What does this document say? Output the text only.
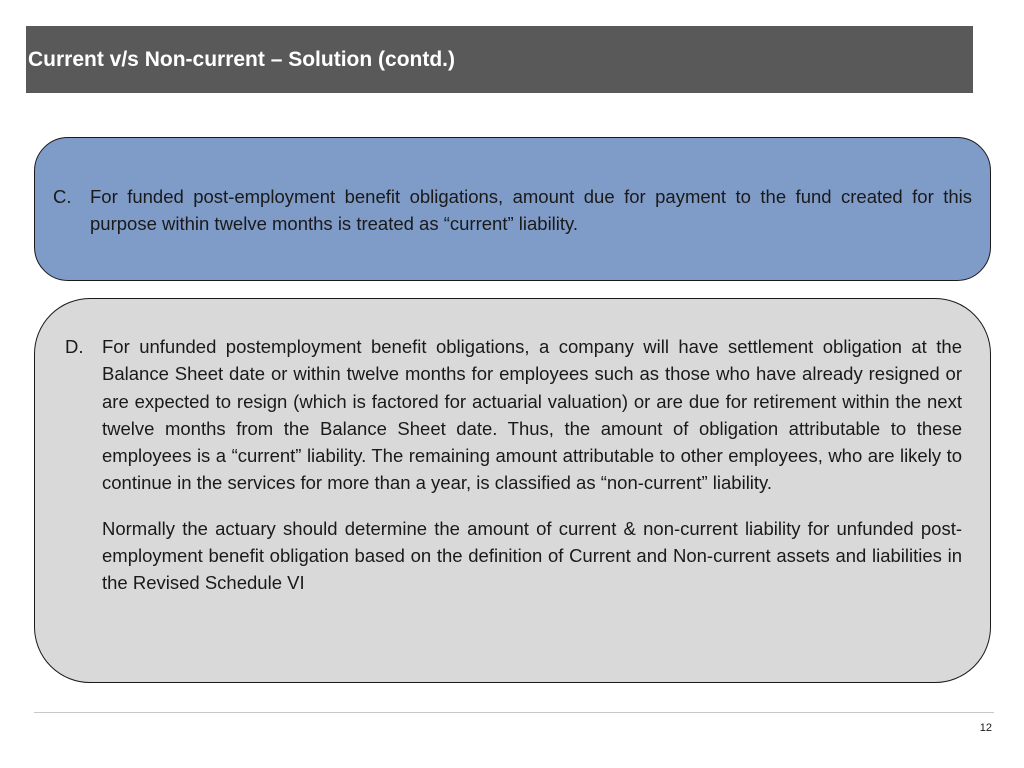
Current v/s Non-current – Solution (contd.)
C. For funded post-employment benefit obligations, amount due for payment to the fund created for this purpose within twelve months is treated as “current” liability.

D. For unfunded postemployment benefit obligations, a company will have settlement obligation at the Balance Sheet date or within twelve months for employees such as those who have already resigned or are expected to resign (which is factored for actuarial valuation) or are due for retirement within the next twelve months from the Balance Sheet date. Thus, the amount of obligation attributable to these employees is a “current” liability. The remaining amount attributable to other employees, who are likely to continue in the services for more than a year, is classified as “non-current” liability.

Normally the actuary should determine the amount of current & non-current liability for unfunded post-employment benefit obligation based on the definition of Current and Non-current assets and liabilities in the Revised Schedule VI

12
